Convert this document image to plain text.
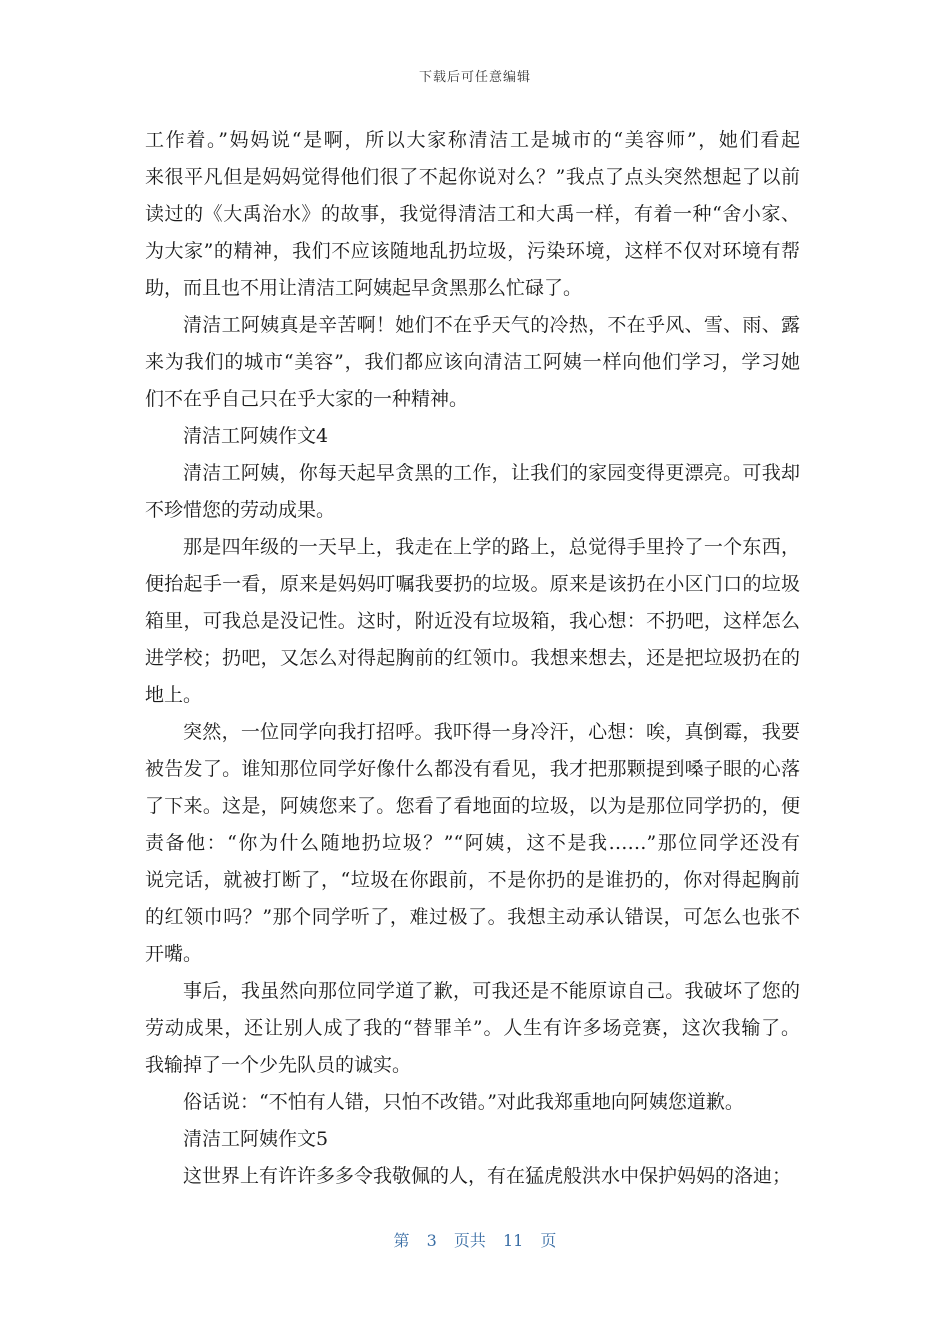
下载后可任意编辑
工作着。”妈妈说“是啊，所以大家称清洁工是城市的“美容师”，她们看起
来很平凡但是妈妈觉得他们很了不起你说对么？”我点了点头突然想起了以前
读过的《大禹治水》的故事，我觉得清洁工和大禹一样，有着一种“舍小家、
为大家”的精神，我们不应该随地乱扔垃圾，污染环境，这样不仅对环境有帮
助，而且也不用让清洁工阿姨起早贪黑那么忙碌了。
清洁工阿姨真是辛苦啊！她们不在乎天气的冷热，不在乎风、雪、雨、露
来为我们的城市“美容”，我们都应该向清洁工阿姨一样向他们学习，学习她
们不在乎自己只在乎大家的一种精神。
清洁工阿姨作文4
清洁工阿姨，你每天起早贪黑的工作，让我们的家园变得更漂亮。可我却
不珍惜您的劳动成果。
那是四年级的一天早上，我走在上学的路上，总觉得手里拎了一个东西，
便抬起手一看，原来是妈妈叮嘱我要扔的垃圾。原来是该扔在小区门口的垃圾
箱里，可我总是没记性。这时，附近没有垃圾箱，我心想：不扔吧，这样怎么
进学校；扔吧，又怎么对得起胸前的红领巾。我想来想去，还是把垃圾扔在的
地上。
突然，一位同学向我打招呼。我吓得一身冷汗，心想：唉，真倒霉，我要
被告发了。谁知那位同学好像什么都没有看见，我才把那颗提到嗓子眼的心落
了下来。这是，阿姨您来了。您看了看地面的垃圾，以为是那位同学扔的，便
责备他：“你为什么随地扔垃圾？”“阿姨，这不是我……”那位同学还没有
说完话，就被打断了，“垃圾在你跟前，不是你扔的是谁扔的，你对得起胸前
的红领巾吗？”那个同学听了，难过极了。我想主动承认错误，可怎么也张不
开嘴。
事后，我虽然向那位同学道了歉，可我还是不能原谅自己。我破坏了您的
劳动成果，还让别人成了我的“替罪羊”。人生有许多场竞赛，这次我输了。
我输掉了一个少先队员的诚实。
俗话说：“不怕有人错，只怕不改错。”对此我郑重地向阿姨您道歉。
清洁工阿姨作文5
这世界上有许许多多令我敬佩的人，有在猛虎般洪水中保护妈妈的洛迪；
第 3 页共 11 页
